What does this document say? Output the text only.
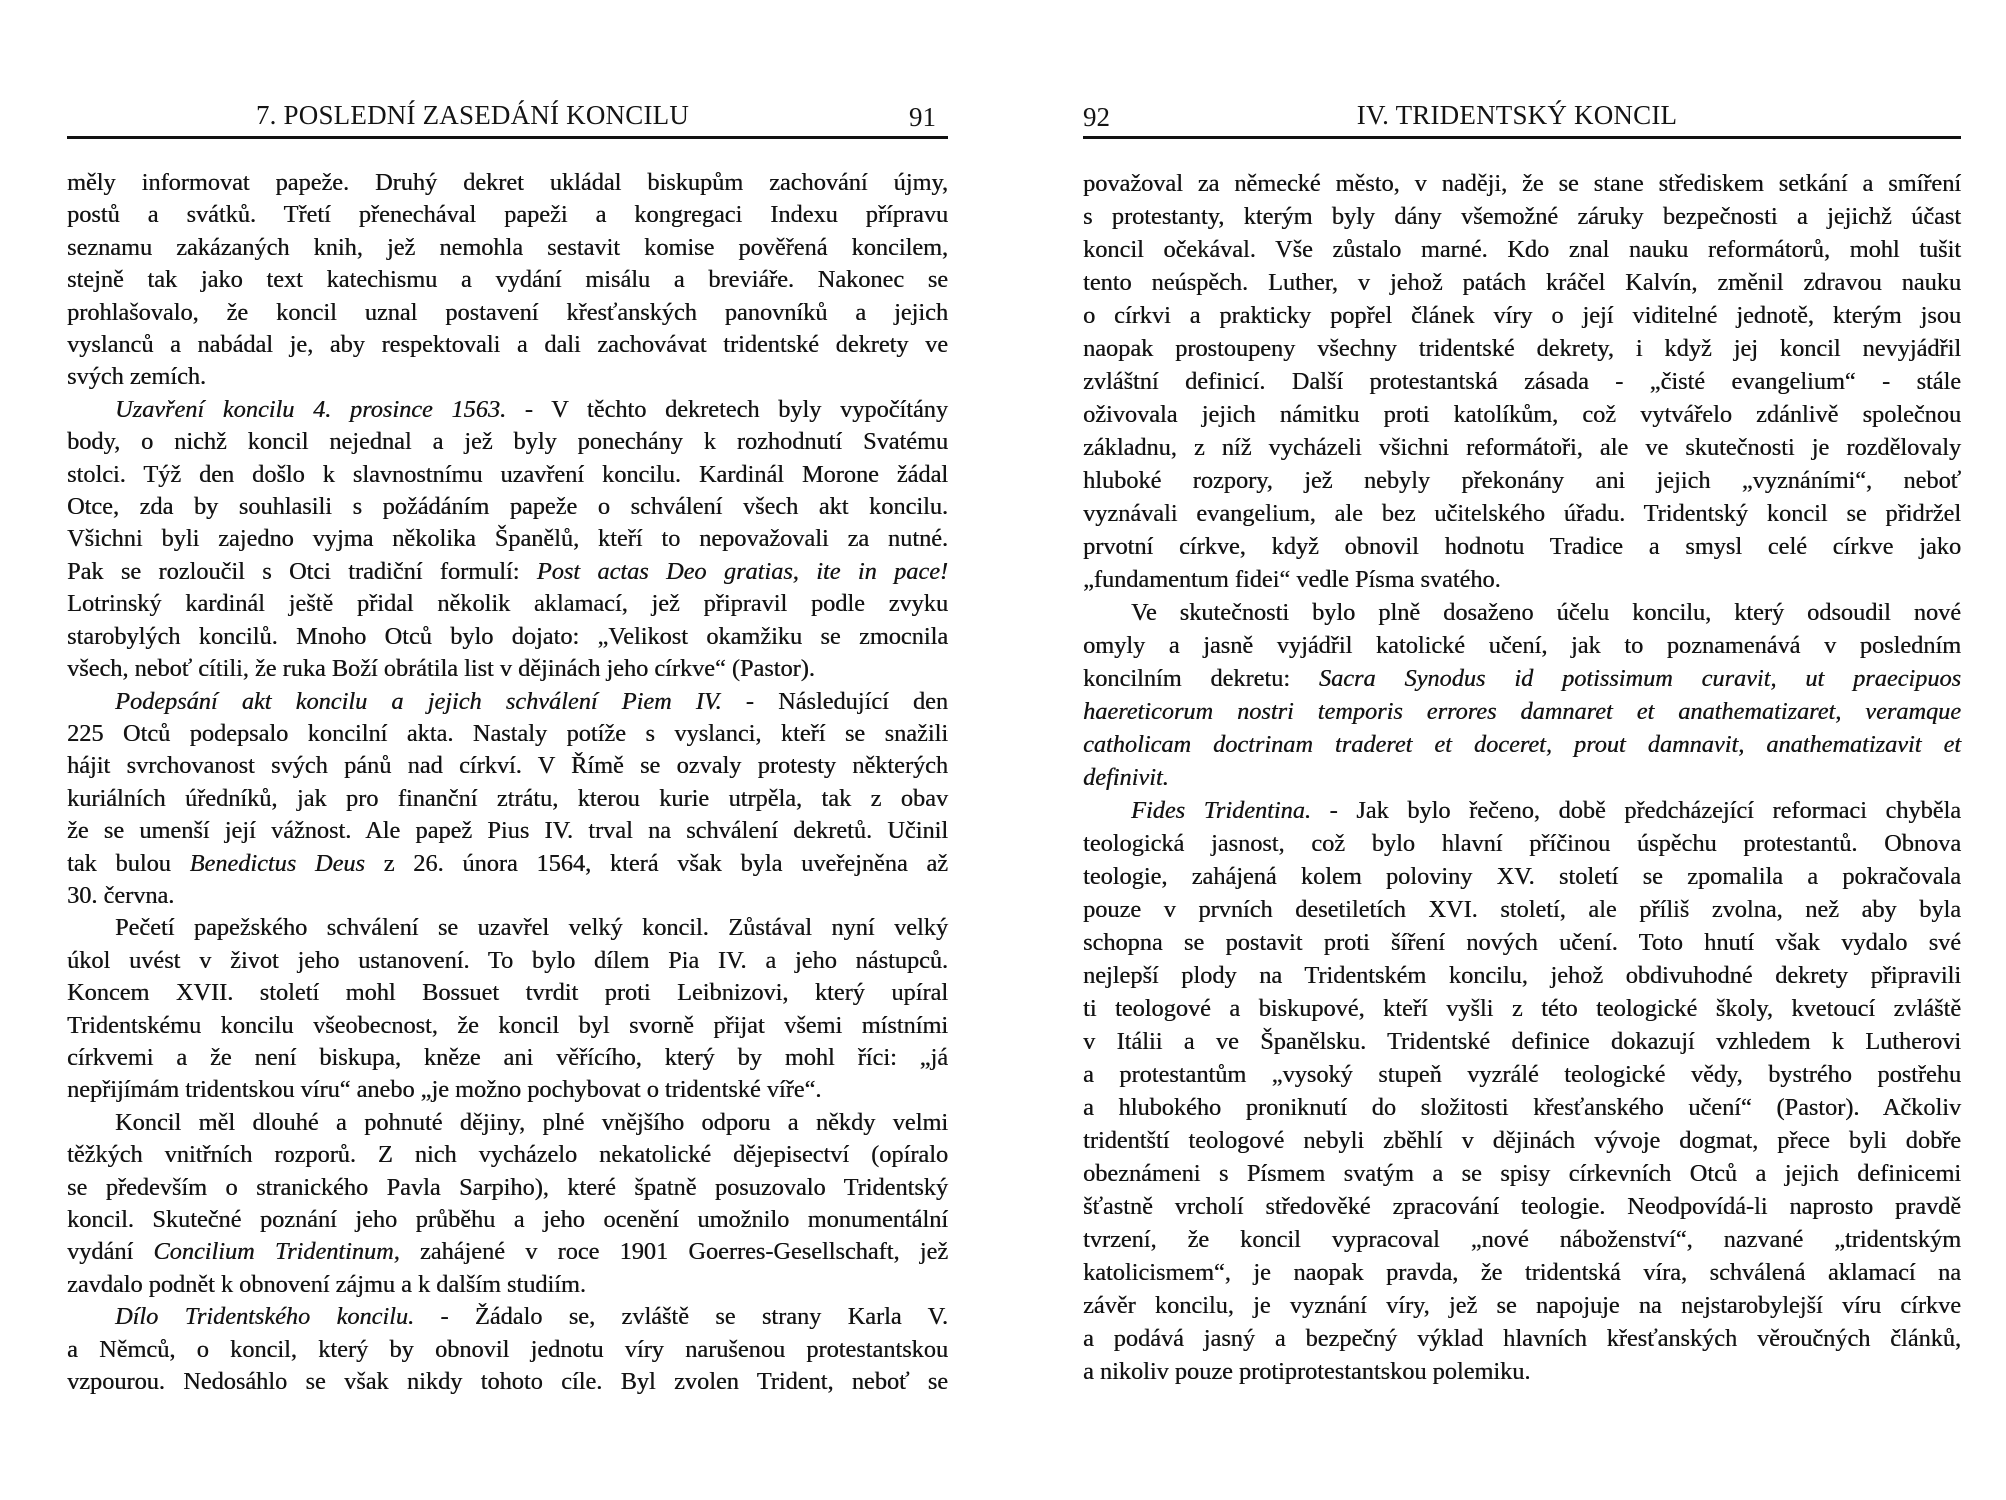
7. POSLEDNÍ ZASEDÁNÍ KONCILU	91
měly informovat papeže. Druhý dekret ukládal biskupům zachování újmy,
postů a svátků. Třetí přenechával papeži a kongregaci Indexu přípravu
seznamu zakázaných knih, jež nemohla sestavit komise pověřená koncilem,
stejně tak jako text katechismu a vydání misálu a breviáře. Nakonec se
prohlašovalo, že koncil uznal postavení křesťanských panovníků a jejich
vyslanců a nabádal je, aby respektovali a dali zachovávat tridentské dekrety ve
svých zemích.
Uzavření koncilu 4. prosince 1563. - V těchto dekretech byly vypočítány
body, o nichž koncil nejednal a jež byly ponechány k rozhodnutí Svatému
stolci. Týž den došlo k slavnostnímu uzavření koncilu. Kardinál Morone žádal
Otce, zda by souhlasili s požádáním papeže o schválení všech akt koncilu.
Všichni byli zajedno vyjma několika Španělů, kteří to nepovažovali za nutné.
Pak se rozloučil s Otci tradiční formulí: Post actas Deo gratias, ite in pace!
Lotrinský kardinál ještě přidal několik aklamací, jež připravil podle zvyku
starobylých koncilů. Mnoho Otců bylo dojato: „Velikost okamžiku se zmocnila
všech, neboť cítili, že ruka Boží obrátila list v dějinách jeho církve“ (Pastor).
Podepsání akt koncilu a jejich schválení Piem IV. - Následující den
225 Otců podepsalo koncilní akta. Nastaly potíže s vyslanci, kteří se snažili
hájit svrchovanost svých pánů nad církví. V Římě se ozvaly protesty některých
kuriálních úředníků, jak pro finanční ztrátu, kterou kurie utrpěla, tak z obav
že se umenší její vážnost. Ale papež Pius IV. trval na schválení dekretů. Učinil
tak bulou Benedictus Deus z 26. února 1564, která však byla uveřejněna až
30. června.
Pečetí papežského schválení se uzavřel velký koncil. Zůstával nyní velký
úkol uvést v život jeho ustanovení. To bylo dílem Pia IV. a jeho nástupců.
Koncem XVII. století mohl Bossuet tvrdit proti Leibnizovi, který upíral
Tridentskému koncilu všeobecnost, že koncil byl svorně přijat všemi místními
církvemi a že není biskupa, kněze ani věřícího, který by mohl říci: „já
nepřijímám tridentskou víru“ anebo „je možno pochybovat o tridentské víře“.
Koncil měl dlouhé a pohnuté dějiny, plné vnějšího odporu a někdy velmi
těžkých vnitřních rozporů. Z nich vycházelo nekatolické dějepisectví (opíralo
se především o stranického Pavla Sarpiho), které špatně posuzovalo Tridentský
koncil. Skutečné poznání jeho průběhu a jeho ocenění umožnilo monumentální
vydání Concilium Tridentinum, zahájené v roce 1901 Goerres-Gesellschaft, jež
zavdalo podnět k obnovení zájmu a k dalším studiím.
Dílo Tridentského koncilu. - Žádalo se, zvláště se strany Karla V.
a Němců, o koncil, který by obnovil jednotu víry narušenou protestantskou
vzpourou. Nedosáhlo se však nikdy tohoto cíle. Byl zvolen Trident, neboť se
92	IV. TRIDENTSKÝ KONCIL
považoval za německé město, v naději, že se stane střediskem setkání a smíření
s protestanty, kterým byly dány všemožné záruky bezpečnosti a jejichž účast
koncil očekával. Vše zůstalo marné. Kdo znal nauku reformátorů, mohl tušit
tento neúspěch. Luther, v jehož patách kráčel Kalvín, změnil zdravou nauku
o církvi a prakticky popřel článek víry o její viditelné jednotě, kterým jsou
naopak prostoupeny všechny tridentské dekrety, i když jej koncil nevyjádřil
zvláštní definicí. Další protestantská zásada - „čisté evangelium“ - stále
oživovala jejich námitku proti katolíkům, což vytvářelo zdánlivě společnou
základnu, z níž vycházeli všichni reformátoři, ale ve skutečnosti je rozdělovaly
hluboké rozpory, jež nebyly překonány ani jejich „vyznáními“, neboť
vyznávali evangelium, ale bez učitelského úřadu. Tridentský koncil se přidržel
prvotní církve, když obnovil hodnotu Tradice a smysl celé církve jako
„fundamentum fidei“ vedle Písma svatého.
Ve skutečnosti bylo plně dosaženo účelu koncilu, který odsoudil nové
omyly a jasně vyjádřil katolické učení, jak to poznamenává v posledním
koncilním dekretu: Sacra Synodus id potissimum curavit, ut praecipuos
haereticorum nostri temporis errores damnaret et anathematizaret, veramque
catholicam doctrinam traderet et doceret, prout damnavit, anathematizavit et
definivit.
Fides Tridentina. - Jak bylo řečeno, době předcházející reformaci chyběla
teologická jasnost, což bylo hlavní příčinou úspěchu protestantů. Obnova
teologie, zahájená kolem poloviny XV. století se zpomalila a pokračovala
pouze v prvních desetiletích XVI. století, ale příliš zvolna, než aby byla
schopna se postavit proti šíření nových učení. Toto hnutí však vydalo své
nejlepší plody na Tridentském koncilu, jehož obdivuhodné dekrety připravili
ti teologové a biskupové, kteří vyšli z této teologické školy, kvetoucí zvláště
v Itálii a ve Španělsku. Tridentské definice dokazují vzhledem k Lutherovi
a protestantům „vysoký stupeň vyzrálé teologické vědy, bystrého postřehu
a hlubokého proniknutí do složitosti křesťanského učení“ (Pastor). Ačkoliv
tridentští teologové nebyli zběhlí v dějinách vývoje dogmat, přece byli dobře
obeznámeni s Písmem svatým a se spisy církevních Otců a jejich definicemi
šťastně vrcholí středověké zpracování teologie. Neodpovídá-li naprosto pravdě
tvrzení, že koncil vypracoval „nové náboženství“, nazvané „tridentským
katolicismem“, je naopak pravda, že tridentská víra, schválená aklamací na
závěr koncilu, je vyznání víry, jež se napojuje na nejstarobylejší víru církve
a podává jasný a bezpečný výklad hlavních křesťanských věroučných článků,
a nikoliv pouze protiprotestantskou polemiku.
